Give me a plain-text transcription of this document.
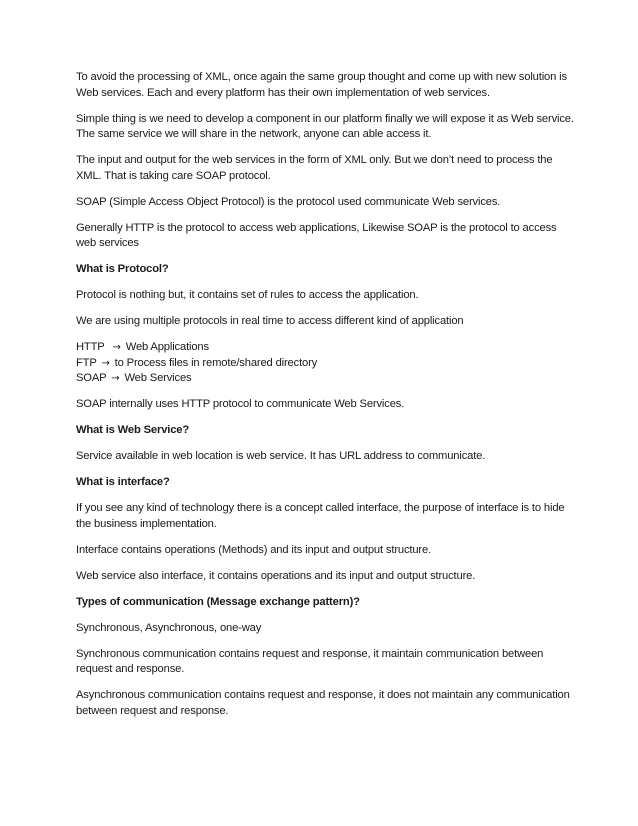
To avoid the processing of XML, once again the same group thought and come up with new solution is Web services. Each and every platform has their own implementation of web services.

Simple thing is we need to develop a component in our platform finally we will expose it as Web service. The same service we will share in the network, anyone can able access it.

The input and output for the web services in the form of XML only. But we don’t need to process the XML. That is taking care SOAP protocol.

SOAP (Simple Access Object Protocol) is the protocol used communicate Web services.

Generally HTTP is the protocol to access web applications, Likewise SOAP is the protocol to access web services

What is Protocol?

Protocol is nothing but, it contains set of rules to access the application.

We are using multiple protocols in real time to access different kind of application

HTTP → Web Applications
FTP → to Process files in remote/shared directory
SOAP → Web Services

SOAP internally uses HTTP protocol to communicate Web Services.

What is Web Service?

Service available in web location is web service. It has URL address to communicate.

What is interface?

If you see any kind of technology there is a concept called interface, the purpose of interface is to hide the business implementation.

Interface contains operations (Methods) and its input and output structure.

Web service also interface, it contains operations and its input and output structure.

Types of communication (Message exchange pattern)?

Synchronous, Asynchronous, one-way

Synchronous communication contains request and response, it maintain communication between request and response.

Asynchronous communication contains request and response, it does not maintain any communication between request and response.
